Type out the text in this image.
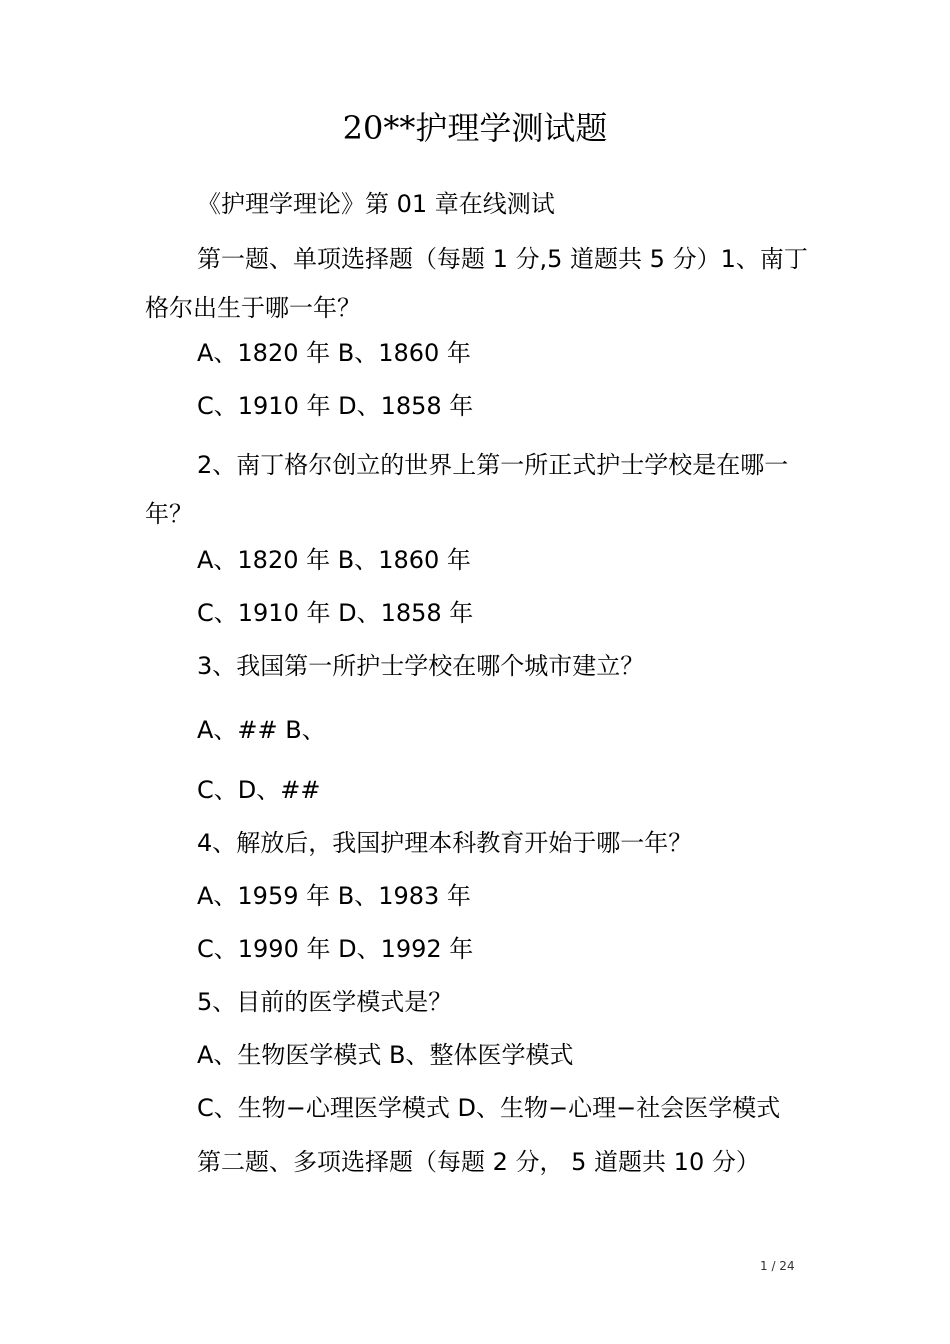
20**护理学测试题
《护理学理论》第 01 章在线测试
第一题、单项选择题（每题 1 分,5 道题共 5 分）1、南丁格尔出生于哪一年？
A、1820 年 B、1860 年
C、1910 年 D、1858 年
2、南丁格尔创立的世界上第一所正式护士学校是在哪一年？
A、1820 年 B、1860 年
C、1910 年 D、1858 年
3、我国第一所护士学校在哪个城市建立？
A、## B、
C、D、##
4、解放后，我国护理本科教育开始于哪一年？
A、1959 年 B、1983 年
C、1990 年 D、1992 年
5、目前的医学模式是？
A、生物医学模式 B、整体医学模式
C、生物−心理医学模式 D、生物−心理−社会医学模式
第二题、多项选择题（每题 2 分， 5 道题共 10 分）
1 / 24
